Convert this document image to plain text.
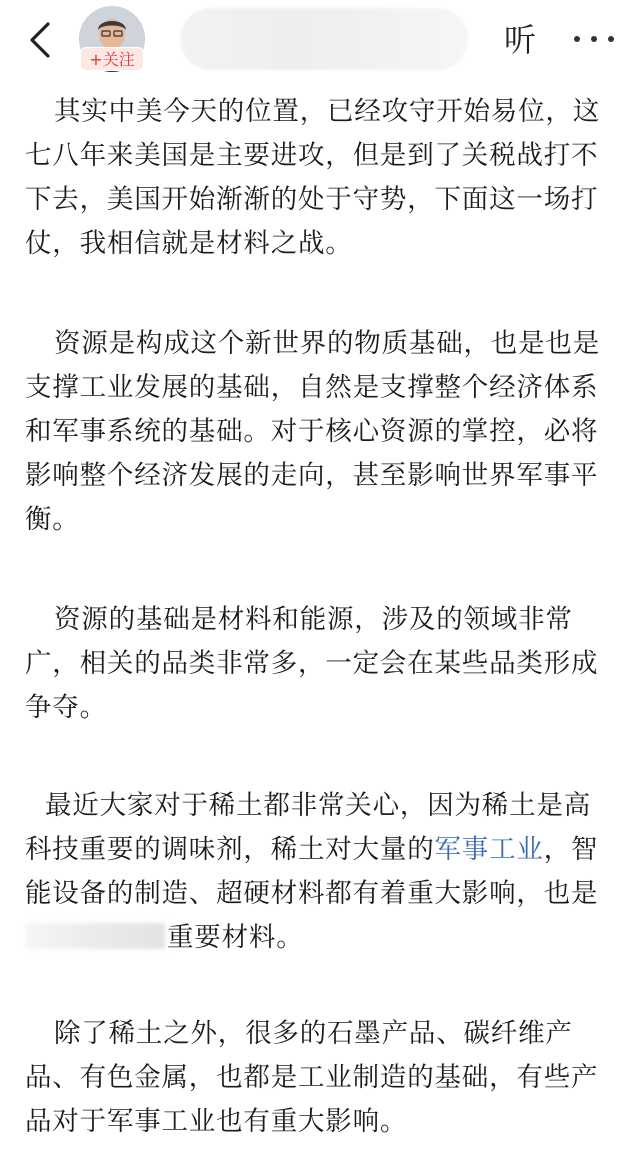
+关注
听

其实中美今天的位置，已经攻守开始易位，这七八年来美国是主要进攻，但是到了关税战打不下去，美国开始渐渐的处于守势，下面这一场打仗，我相信就是材料之战。

资源是构成这个新世界的物质基础，也是也是支撑工业发展的基础，自然是支撑整个经济体系和军事系统的基础。对于核心资源的掌控，必将影响整个经济发展的走向，甚至影响世界军事平衡。

资源的基础是材料和能源，涉及的领域非常广，相关的品类非常多，一定会在某些品类形成争夺。

最近大家对于稀土都非常关心，因为稀土是高科技重要的调味剂，稀土对大量的军事工业，智能设备的制造、超硬材料都有着重大影响，也是重要材料。

除了稀土之外，很多的石墨产品、碳纤维产品、有色金属，也都是工业制造的基础，有些产品对于军事工业也有重大影响。
